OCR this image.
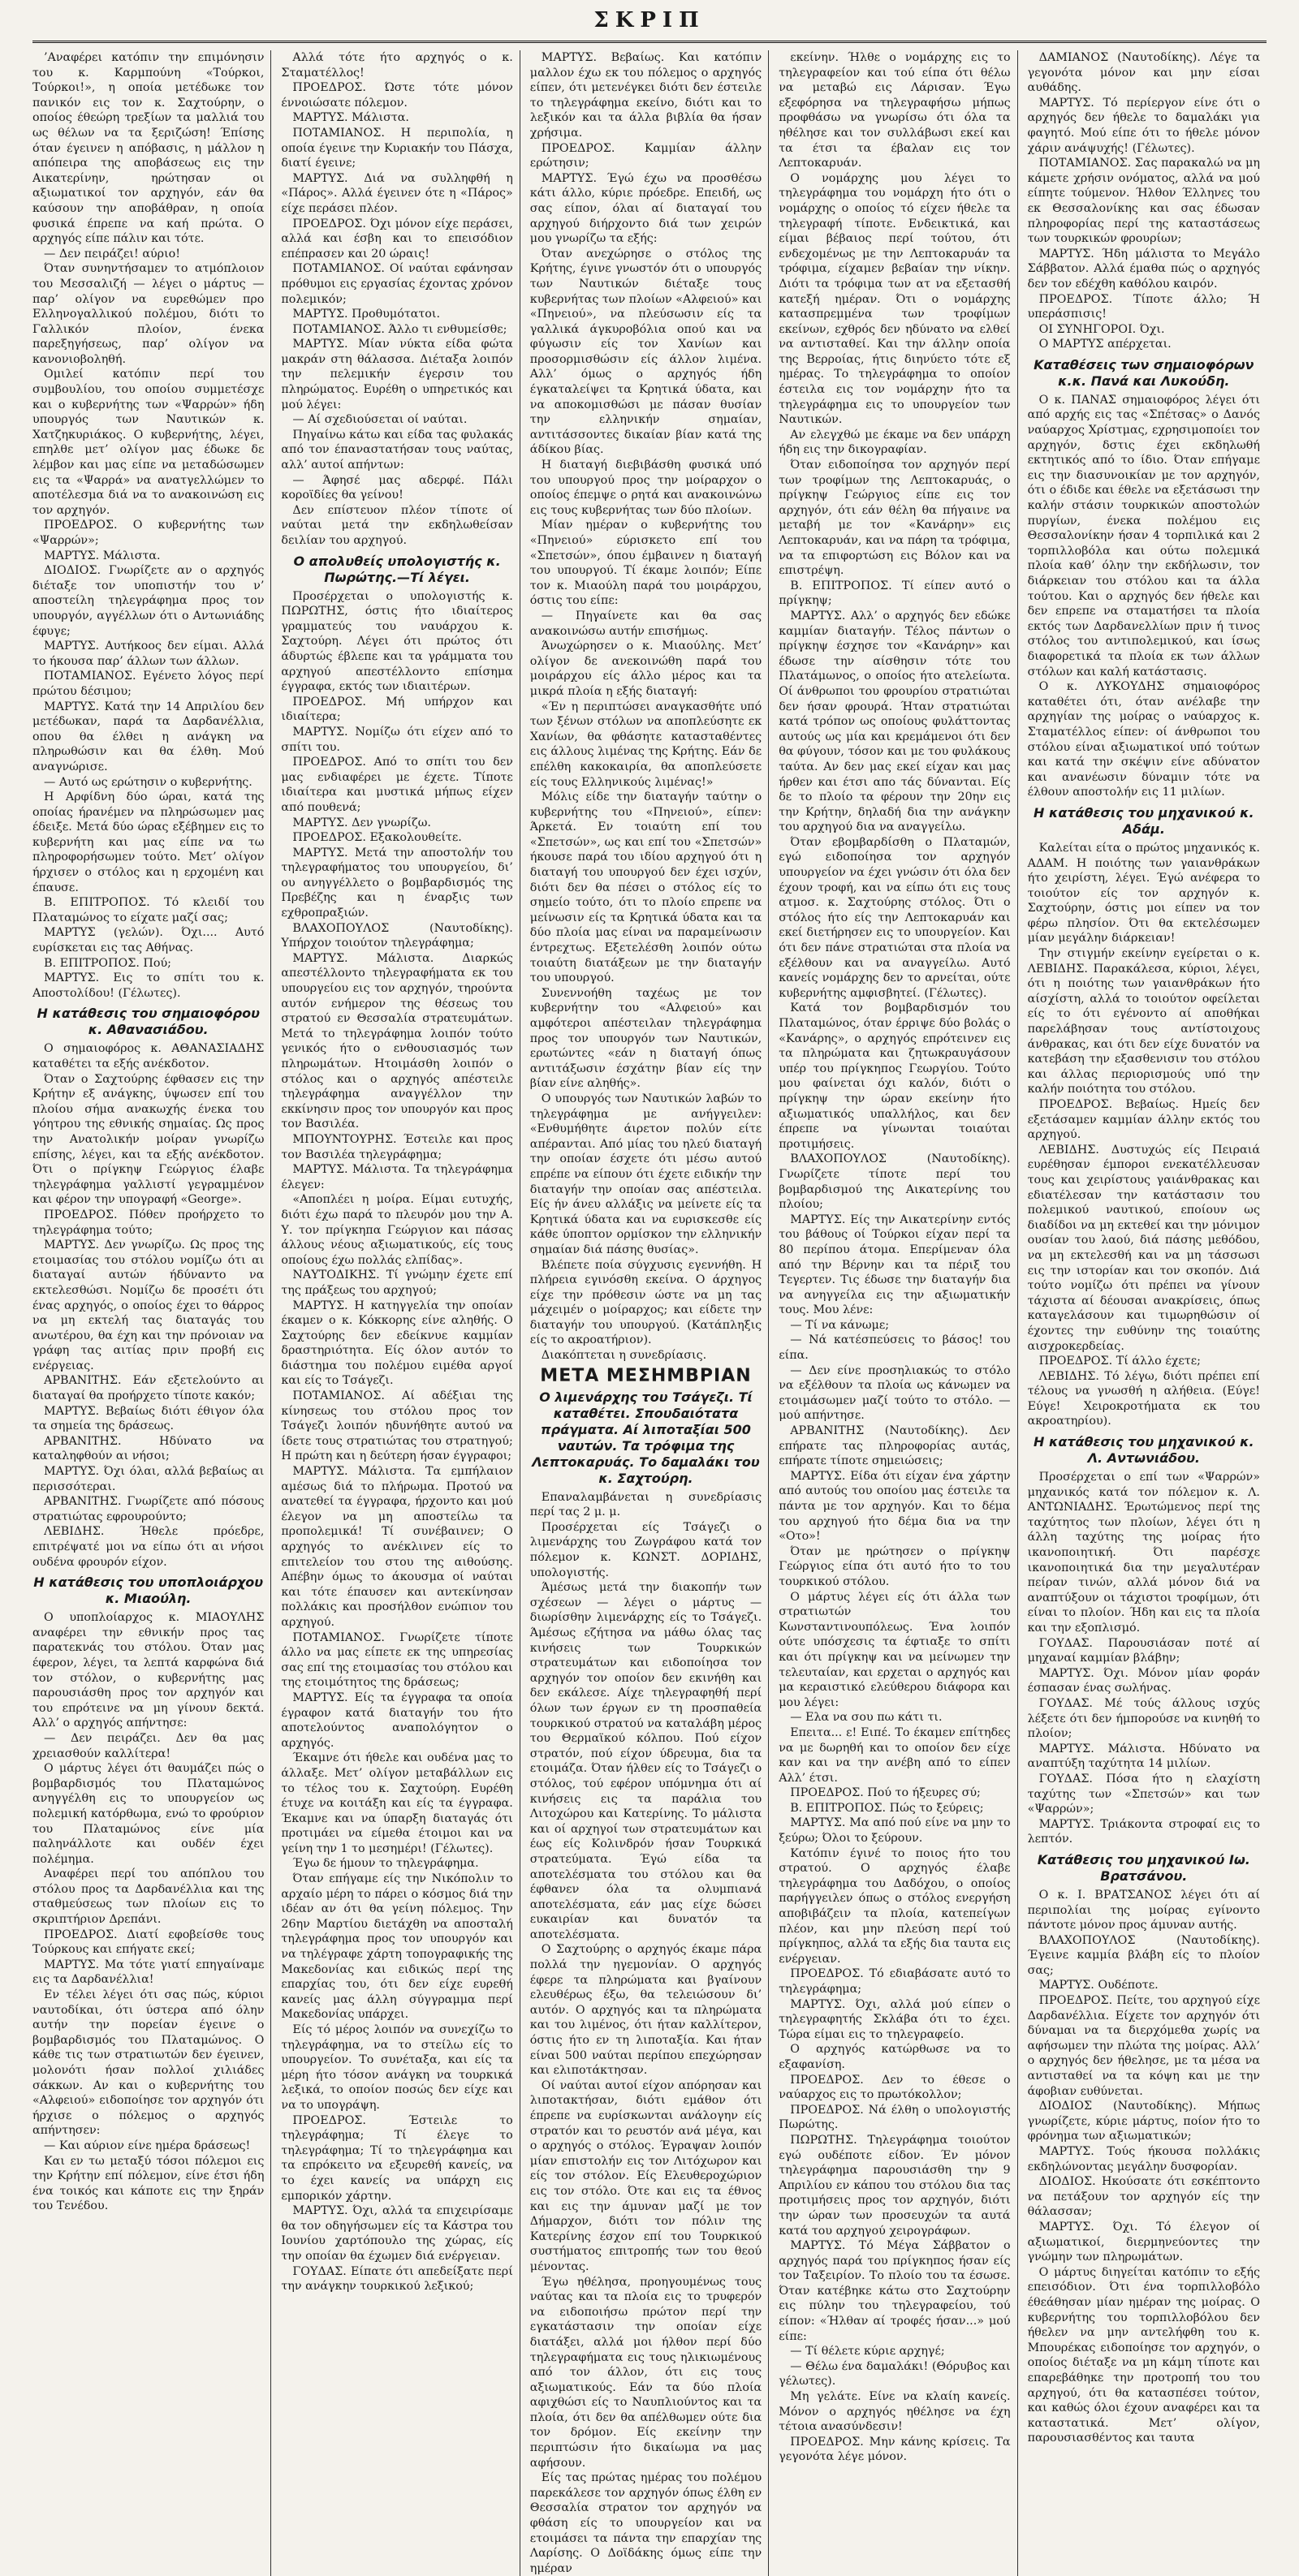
ΣΚΡΙΠ

’Αναφέρει κατόπιν την επιμόνησιν του κ. Καρμπούνη «Τούρκοι, Τούρκοι!», η οποία μετέδωκε τον πανικόν εις τον κ. Σαχτούρην, ο οποίος έθεώρη τρεξίων τα μαλλιά του ως θέλων να τα ξεριζώση! Έπίσης όταν έγεινεν η απόβασις, η μάλλον η απόπειρα της αποβάσεως εις την Αικατερίνην, ηρώτησαν οι αξιωματικοί τον αρχηγόν, εάν θα καύσουν την αποβάθραν, η οποία φυσικά έπρεπε να καή πρώτα. Ο αρχηγός είπε πάλιν και τότε.

— Δεν πειράζει! αύριο!

Όταν συνηντήσαμεν το ατμόπλοιον του Μεσσαλιζή — λέγει ο μάρτυς — παρ’ ολίγον να ευρεθώμεν προ Ελληνογαλλικού πολέμου, διότι το Γαλλικόν πλοίον, ένεκα παρεξηγήσεως, παρ’ ολίγον να κανονιοβοληθή.

Ομιλεί κατόπιν περί του συμβουλίου, του οποίου συμμετέσχε και ο κυβερνήτης των «Ψαρρών» ήδη υπουργός των Ναυτικών κ. Χατζηκυριάκος. Ο κυβερνήτης, λέγει, επηλθε μετ’ ολίγον μας έδωκε δε λέμβον και μας είπε να μεταδώσωμεν εις τα «Ψαρρά» να ανατγελλώμεν το αποτέλεσμα διά να το ανακοινώση εις τον αρχηγόν.

ΠΡΟΕΔΡΟΣ. Ο κυβερνήτης των «Ψαρρών»;

ΜΑΡΤΥΣ. Μάλιστα.

ΔΙΟΔΙΟΣ. Γνωρίζετε αν ο αρχηγός διέταξε τον υποπιστήν του ν’ αποστείλη τηλεγράφημα προς τον υπουργόν, αγγέλλων ότι ο Αντωνιάδης έφυγε;

ΜΑΡΤΥΣ. Αυτήκοος δεν είμαι. Αλλά το ήκουσα παρ’ άλλων των άλλων.

ΠΟΤΑΜΙΑΝΟΣ. Εγένετο λόγος περί πρώτου δέσιμου;

ΜΑΡΤΥΣ. Κατά την 14 Απριλίου δεν μετέδωκαν, παρά τα Δαρδανέλλια, οπου θα έλθει η ανάγκη να πληρωθώσιν και θα έλθη. Μού αναγνώρισε.

— Αυτό ως ερώτησιν ο κυβερνήτης.

Η Αρφίδνη δύο ώραι, κατά της οποίας ήρανέμεν να πληρώσωμεν μας έδειξε. Μετά δύο ώρας εξέβημεν εις το κυβερνήτη και μας είπε να τω πληροφορήσωμεν τούτο. Μετ’ ολίγον ήρχισεν ο στόλος και η ερχομένη και έπαυσε.

Β. ΕΠΙΤΡΟΠΟΣ. Τό κλειδί του Πλαταμώνος το είχατε μαζί σας;

ΜΑΡΤΥΣ (γελών). Όχι.... Αυτό ευρίσκεται εις τας Αθήνας.

Β. ΕΠΙΤΡΟΠΟΣ. Πού;

ΜΑΡΤΥΣ. Εις το σπίτι του κ. Αποστολίδου! (Γέλωτες).

Η κατάθεσις του σημαιοφόρου κ. Αθανασιάδου.

Ο σημαιοφόρος κ. ΑΘΑΝΑΣΙΑΔΗΣ καταθέτει τα εξής ανέκδοτον.

Όταν ο Σαχτούρης έφθασεν εις την Κρήτην εξ ανάγκης, ύψωσεν επί του πλοίου σήμα ανακωχής ένεκα του γόητρου της εθνικής σημαίας. Ως προς την Ανατολικήν μοίραν γνωρίζω επίσης, λέγει, και τα εξής ανέκδοτον. Ότι ο πρίγκηψ Γεώργιος έλαβε τηλεγράφημα γαλλιστί γεγραμμένον και φέρον την υπογραφή «George».

ΠΡΟΕΔΡΟΣ. Πόθεν προήρχετο το τηλεγράφημα τούτο;

ΜΑΡΤΥΣ. Δεν γνωρίζω. Ως προς της ετοιμασίας του στόλου νομίζω ότι αι διαταγαί αυτών ήδύναντο να εκτελεσθώσι. Νομίζω δε προσέτι ότι ένας αρχηγός, ο οποίος έχει το θάρρος να μη εκτελή τας διαταγάς του ανωτέρου, θα έχη και την πρόνοιαν να γράφη τας αιτίας πριν προβή εις ενέργειας.

ΑΡΒΑΝΙΤΗΣ. Εάν εξετελούντο αι διαταγαί θα προήρχετο τίποτε κακόν;

ΜΑΡΤΥΣ. Βεβαίως διότι έθιγον όλα τα σημεία της δράσεως.

ΑΡΒΑΝΙΤΗΣ. Ηδύνατο να καταληφθούν αι νήσοι;

ΜΑΡΤΥΣ. Όχι όλαι, αλλά βεβαίως αι περισσότεραι.

ΑΡΒΑΝΙΤΗΣ. Γνωρίζετε από πόσους στρατιώτας εφρουρούντο;

ΛΕΒΙΔΗΣ. Ήθελε πρόεδρε, επιτρέψατέ μοι να είπω ότι αι νήσοι ουδένα φρουρόν είχον.

Η κατάθεσις του υποπλοιάρχου κ. Μιαούλη.

Ο υποπλοίαρχος κ. ΜΙΑΟΥΛΗΣ αναφέρει την εθνικήν προς τας παρατεκνάς του στόλου. Όταν μας έφερον, λέγει, τα λεπτά καρφώνα διά τον στόλον, ο κυβερνήτης μας παρουσιάσθη προς τον αρχηγόν και του επρότεινε να μη γίνουν δεκτά. Αλλ’ ο αρχηγός απήντησε:

— Δεν πειράζει. Δεν θα μας χρειασθούν καλλίτερα!

Ο μάρτυς λέγει ότι θαυμάζει πώς ο βομβαρδισμός του Πλαταμώνος ανηγγέλθη εις το υπουργείον ως πολεμική κατόρθωμα, ενώ το φρούριον του Πλαταμώνος είνε μία παληνάλλοτε και ουδέν έχει πολέμημα.

Αναφέρει περί του απόπλου του στόλου προς τα Δαρδανέλλια και της σταθμεύσεως των πλοίων εις το σκριπτήριον Δρεπάνι.

ΠΡΟΕΔΡΟΣ. Διατί εφοβείσθε τους Τούρκους και επήγατε εκεί;

ΜΑΡΤΥΣ. Μα τότε γιατί επηγαίναμε εις τα Δαρδανέλλια!

Εν τέλει λέγει ότι σας πώς, κύριοι ναυτοδίκαι, ότι ύστερα από όλην αυτήν την πορείαν έγεινε ο βομβαρδισμός του Πλαταμώνος. Ο κάθε τις των στρατιωτών δεν έγεινεν, μολονότι ήσαν πολλοί χιλιάδες σάκκων. Αν και ο κυβερνήτης του «Αλφειού» ειδοποίησε τον αρχηγόν ότι ήρχισε ο πόλεμος ο αρχηγός απήντησεν:

— Και αύριον είνε ημέρα δράσεως!

Και εν τω μεταξύ τόσοι πόλεμοι εις την Κρήτην επί πόλεμον, είνε έτσι ήδη ένα τοικός και κάποτε εις την ξηράν του Τενέδου.

Αλλά τότε ήτο αρχηγός ο κ. Σταματέλλος!

ΠΡΟΕΔΡΟΣ. Ώστε τότε μόνον έννοιώσατε πόλεμον.

ΜΑΡΤΥΣ. Μάλιστα.

ΠΟΤΑΜΙΑΝΟΣ. Η περιπολία, η οποία έγεινε την Κυριακήν του Πάσχα, διατί έγεινε;

ΜΑΡΤΥΣ. Διά να συλληφθή η «Πάρος». Αλλά έγεινεν ότε η «Πάρος» είχε περάσει πλέον.

ΠΡΟΕΔΡΟΣ. Όχι μόνον είχε περάσει, αλλά και έσβη και το επεισόδιον επέπρασεν και 20 ώραις!

ΠΟΤΑΜΙΑΝΟΣ. Οί ναύται εφάνησαν πρόθυμοι εις εργασίας έχοντας χρόνον πολεμικόν;

ΜΑΡΤΥΣ. Προθυμότατοι.

ΠΟΤΑΜΙΑΝΟΣ. Άλλο τι ενθυμείσθε;

ΜΑΡΤΥΣ. Μίαν νύκτα είδα φώτα μακράν στη θάλασσα. Διέταξα λοιπόν την πελεμικήν έγερσιν του πληρώματος. Ευρέθη ο υπηρετικός και μού λέγει:

— Αί σχεδιούσεται οί ναύται.

Πηγαίνω κάτω και είδα τας φυλακάς από τον έπαναστατήσαν τους ναύτας, αλλ’ αυτοί απήντων:

— Άφησέ μας αδερφέ. Πάλι κοροϊδίες θα γείνου!

Δεν επίστευον πλέον τίποτε οί ναύται μετά την εκδηλωθείσαν δειλίαν του αρχηγού.

Ο απολυθείς υπολογιστής κ. Πωρώτης.—Τί λέγει.

Προσέρχεται ο υπολογιστής κ. ΠΩΡΩΤΗΣ, όστις ήτο ιδιαίτερος γραμματεύς του ναυάρχου κ. Σαχτούρη. Λέγει ότι πρώτος ότι άδυρτώς έβλεπε και τα γράμματα του αρχηγού απεστέλλοντο επίσημα έγγραφα, εκτός των ιδιαιτέρων.

ΠΡΟΕΔΡΟΣ. Μή υπήρχον και ιδιαίτερα;

ΜΑΡΤΥΣ. Νομίζω ότι είχεν από το σπίτι του.

ΠΡΟΕΔΡΟΣ. Από το σπίτι του δεν μας ενδιαφέρει με έχετε. Τίποτε ιδιαίτερα και μυστικά μήπως είχεν από πουθενά;

ΜΑΡΤΥΣ. Δεν γνωρίζω.

ΠΡΟΕΔΡΟΣ. Εξακολουθείτε.

ΜΑΡΤΥΣ. Μετά την αποστολήν του τηλεγραφήματος του υπουργείου, δι’ ου ανηγγέλλετο ο βομβαρδισμός της Πρεβέζης και η έναρξις των εχθροπραξιών.

ΒΛΑΧΟΠΟΥΛΟΣ (Ναυτοδίκης). Υπήρχον τοιούτον τηλεγράφημα;

ΜΑΡΤΥΣ. Μάλιστα. Διαρκώς απεστέλλοντο τηλεγραφήματα εκ του υπουργείου εις τον αρχηγόν, τηρούντα αυτόν ενήμερον της θέσεως του στρατού εν Θεσσαλία στρατευμάτων. Μετά το τηλεγράφημα λοιπόν τούτο γενικός ήτο ο ενθουσιασμός των πληρωμάτων. Ητοιμάσθη λοιπόν ο στόλος και ο αρχηγός απέστειλε τηλεγράφημα αναγγέλλον την εκκίνησιν προς τον υπουργόν και προς τον Βασιλέα.

ΜΠΟΥΝΤΟΥΡΗΣ. Έστειλε και προς τον Βασιλέα τηλεγράφημα;

ΜΑΡΤΥΣ. Μάλιστα. Τα τηλεγράφημα έλεγεν:

«Αποπλέει η μοίρα. Είμαι ευτυχής, διότι έχω παρά το πλευρόν μου την Α. Υ. τον πρίγκηπα Γεώργιον και πάσας άλλους νέους αξιωματικούς, είς τους οποίους έχω πολλάς ελπίδας».

ΝΑΥΤΟΔΙΚΗΣ. Τί γνώμην έχετε επί της πράξεως του αρχηγού;

ΜΑΡΤΥΣ. Η κατηγγελία την οποίαν έκαμεν ο κ. Κόκκορης είνε αληθής. Ο Σαχτούρης δεν εδείκνυε καμμίαν δραστηριότητα. Είς όλον αυτόν το διάστημα του πολέμου ειμέθα αργοί και είς το Τσάγεζι.

ΠΟΤΑΜΙΑΝΟΣ. Αί αδέξιαι της κίνησεως του στόλου προς τον Τσάγεζι λοιπόν ηδυνήθητε αυτού να ίδετε τους στρατιώτας του στρατηγού; Η πρώτη και η δεύτερη ήσαν έγγραφοι;

ΜΑΡΤΥΣ. Μάλιστα. Τα εμπήλαιον αμέσως διά το πλήρωμα. Προτού να ανατεθεί τα έγγραφα, ήρχοντο και μού έλεγον να μη αποστείλω τα προπολεμικά! Τί συνέβαινεν; Ο αρχηγός το ανέκλινεν είς το επιτελείον του στου της αιθούσης. Απέβην όμως το άκουσμα οί ναύται και τότε έπαυσεν και αντεκίνησαν πολλάκις και προσήλθον ενώπιον του αρχηγού.

ΠΟΤΑΜΙΑΝΟΣ. Γνωρίζετε τίποτε άλλο να μας είπετε εκ της υπηρεσίας σας επί της ετοιμασίας του στόλου και της ετοιμότητος της δράσεως;

ΜΑΡΤΥΣ. Είς τα έγγραφα τα οποία έγραφον κατά διαταγήν του ήτο αποτελούντος αναπολόγητον ο αρχηγός.

Έκαμνε ότι ήθελε και ουδένα μας το άλλαξε. Μετ’ ολίγον μεταβάλλων εις το τέλος του κ. Σαχτούρη. Ευρέθη έτυχε να κοιτάξη και είς τα έγγραφα. Έκαμνε και να ύπαρξη διαταγάς ότι προτιμάει να είμεθα έτοιμοι και να γείνη την 1 το μεσημέρι! (Γέλωτες).

Έγω δε ήμουν το τηλεγράφημα.

Όταν επήγαμε είς την Νικόπολιν το αρχαίο μέρη το πάρει ο κόσμος διά την ιδέαν αν ότι θα γείνη πόλεμος. Την 26ην Μαρτίου διετάχθη να αποσταλή τηλεγράφημα προς τον υπουργόν και να τηλέγραφε χάρτη τοπογραφικής της Μακεδονίας και ειδικώς περί της επαρχίας του, ότι δεν είχε ευρεθή κανείς μας άλλη σύγγραμμα περί Μακεδονίας υπάρχει.

Είς τό μέρος λοιπόν να συνεχίζω το τηλεγράφημα, να το στείλω είς το υπουργείον. Το συνέταξα, και είς τα μέρη ήτο τόσον ανάγκη να τουρκικά λεξικά, το οποίον ποσώς δεν είχε και να το υπογράψη.

ΠΡΟΕΔΡΟΣ. Έστειλε το τηλεγράφημα; Τί έλεγε το τηλεγράφημα; Τί το τηλεγράφημα και τα επρόκειτο να εξευρεθή κανείς, να το έχει κανείς να υπάρχη εις εμπορικόν χάρτην.

ΜΑΡΤΥΣ. Όχι, αλλά τα επιχειρίσαμε θα τον οδηγήσωμεν είς τα Κάστρα του Ιουνίου χαρτόπουλο της χώρας, είς την οποίαν θα έχωμεν διά ενέργειαν.

ΓΟΥΔΑΣ. Είπατε ότι απεδείξατε περί την ανάγκην τουρκικού λεξικού;

ΜΑΡΤΥΣ. Βεβαίως. Και κατόπιν μαλλον έχω εκ του πόλεμος ο αρχηγός είπεν, ότι μετενέγκει διότι δεν έστειλε το τηλεγράφημα εκείνο, διότι και το λεξικόν και τα άλλα βιβλία θα ήσαν χρήσιμα.

ΠΡΟΕΔΡΟΣ. Καμμίαν άλλην ερώτησιν;

ΜΑΡΤΥΣ. Έγώ έχω να προσθέσω κάτι άλλο, κύριε πρόεδρε. Επειδή, ως σας είπον, όλαι αί διαταγαί του αρχηγού διήρχοντο διά των χειρών μου γνωρίζω τα εξής:

Όταν ανεχώρησε ο στόλος της Κρήτης, έγινε γνωστόν ότι ο υπουργός των Ναυτικών διέταξε τους κυβερνήτας των πλοίων «Αλφειού» και «Πηνειού», να πλεύσωσιν είς τα γαλλικά άγκυροβόλια οπού και να φύγωσιν είς τον Χανίων και προσορμισθώσιν είς άλλον λιμένα. Αλλ’ όμως ο αρχηγός ήδη έγκαταλείψει τα Κρητικά ύδατα, και να αποκομισθώσι με πάσαν θυσίαν την ελληνικήν σημαίαν, αντιτάσσοντες δικαίαν βίαν κατά της άδίκου βίας.

Η διαταγή διεβιβάσθη φυσικά υπό του υπουργού προς την μοίραρχον ο οποίος έπεμψε ο ρητά και ανακοινώνω εις τους κυβερνήτας των δύο πλοίων.

Μίαν ημέραν ο κυβερνήτης του «Πηνειού» εύρισκετο επί του «Σπετσών», όπου έμβαινεν η διαταγή του υπουργού. Τί έκαμε λοιπόν; Είπε τον κ. Μιαούλη παρά του μοιράρχου, όστις του είπε:

— Πηγαίνετε και θα σας ανακοινώσω αυτήν επισήμως.

Άνωχώρησεν ο κ. Μιαούλης. Μετ’ ολίγον δε ανεκοινώθη παρά του μοιράρχου είς άλλο μέρος και τα μικρά πλοία η εξής διαταγή:

«Έν η περιπτώσει αναγκασθήτε υπό των ξένων στόλων να αποπλεύσητε εκ Χανίων, θα φθάσητε κατασταθέντες εις άλλους λιμένας της Κρήτης. Εάν δε επέλθη κακοκαιρία, θα αποπλεύσετε είς τους Ελληνικούς λιμένας!»

Μόλις είδε την διαταγήν ταύτην ο κυβερνήτης του «Πηνειού», είπεν: Άρκετά. Εν τοιαύτη επί του «Σπετσών», ως και επί του «Σπετσών» ήκουσε παρά του ιδίου αρχηγού ότι η διαταγή του υπουργού δεν έχει ισχύν, διότι δεν θα πέσει ο στόλος είς το σημείο τούτο, ότι το πλοίο επρεπε να μείνωσιν είς τα Κρητικά ύδατα και τα δύο πλοία μας είναι να παραμείνωσιν έντρεχτως. Εξετελέσθη λοιπόν ούτω τοιαύτη διατάξεων με την διαταγήν του υπουργού.

Συνεννοήθη ταχέως με τον κυβερνήτην του «Αλφειού» και αμφότεροι απέστειλαν τηλεγράφημα προς τον υπουργόν των Ναυτικών, ερωτώντες «εάν η διαταγή όπως αντιτάξωσιν έσχάτην βίαν είς την βίαν είνε αληθής».

Ο υπουργός των Ναυτικών λαβών το τηλεγράφημα με ανήγγειλεν: «Ενθυμήθητε άιρετον πολύν είτε απέρανται. Από μίας του ηλεύ διαταγή την οποίαν έσχετε ότι μέσω αυτού επρέπε να είπουν ότι έχετε ειδικήν την διαταγήν την οποίαν σας απέστειλα. Είς ήν άνευ αλλάξις να μείνετε είς τα Κρητικά ύδατα και να ευρισκεσθε είς κάθε ύποπτον ορμίσκον την ελληνικήν σημαίαν διά πάσης θυσίας».

Βλέπετε ποία σύγχυσις εγεννήθη. Η πλήρεια εγινόσθη εκείνα. Ο άρχηγος είχε την πρόθεσιν ώστε να μη τας μάχειμέν ο μοίραρχος; και είδετε την διαταγήν του υπουργού. (Κατάπληξις είς το ακροατήριον).

Διακόπτεται η συνεδρίασις.

ΜΕΤΑ ΜΕΣΗΜΒΡΙΑΝ
Ο λιμενάρχης του Τσάγεζι. Τί καταθέτει. Σπουδαιότατα πράγματα. Αί λιποταξίαι 500 ναυτών. Τα τρόφιμα της Λεπτοκαρυάς. Το δαμαλάκι του κ. Σαχτούρη.

Επαναλαμβάνεται η συνεδρίασις περί τας 2 μ. μ.

Προσέρχεται είς Τσάγεζι ο λιμενάρχης του Ζωγράφου κατά τον πόλεμον κ. ΚΩΝΣΤ. ΔΟΡΙΔΗΣ, υπολογιστής.

Άμέσως μετά την διακοπήν των σχέσεων — λέγει ο μάρτυς — διωρίσθην λιμενάρχης είς το Τσάγεζι. Άμέσως εζήτησα να μάθω όλας τας κινήσεις των Τουρκικών στρατευμάτων και ειδοποίησα τον αρχηγόν τον οποίον δεν εκινήθη και δεν εκάλεσε. Αίχε τηλεγραφηθή περί όλων των έργων εν τη προσπαθεία τουρκικού στρατού να καταλάβη μέρος του Θερμαϊκού κόλπου. Πού είχον στρατόν, πού είχον ύδρευμα, δια τα ετοιμάζα. Όταν ήλθεν είς το Τσάγεζι ο στόλος, τού εφέρον υπόμνημα ότι αί κινήσεις εις τα παράλια του Λιτοχώρου και Κατερίνης. Το μάλιστα και οί αρχηγοί των στρατευμάτων και έως είς Κολινδρόν ήσαν Τουρκικά στρατεύματα. Έγώ είδα τα αποτελέσματα του στόλου και θα έφθανεν όλα τα ολυμπιανά αποτελέσματα, εάν μας είχε δώσει ευκαιρίαν και δυνατόν τα αποτελέσματα.

Ο Σαχτούρης ο αρχηγός έκαμε πάρα πολλά την ηγεμονίαν. Ο αρχηγός έφερε τα πληρώματα και βγαίνουν ελευθέρως έξω, θα τελειώσουν δι’ αυτόν. Ο αρχηγός και τα πληρώματα και του λιμένος, ότι ήταν καλλίτερον, όστις ήτο εν τη λιποταξία. Και ήταν είναι 500 ναύται περίπου επεχώρησαν και ελιποτάκτησαν.

Οί ναύται αυτοί είχον απόρησαν και λιποτακτήσαν, διότι εμάθον ότι έπρεπε να ευρίσκωνται ανάλογην είς στρατόν και το ρευστόν ανά μέγα, και ο αρχηγός ο στόλος. Έγραψαν λοιπόν μίαν επιστολήν εις τον Λιτόχωρον και είς τον στόλον. Είς Ελευθεροχώριον εις τον στόλο. Ότε και εις τα έθνος και εις την άμυναν μαζί με τον Δήμαρχον, διότι τον πόλιν της Κατερίνης έσχον επί του Τουρκικού συστήματος επιτροπής των του θεού μένοντας.

Έγω ηθέλησα, προηγουμένως τους ναύτας και τα πλοία εις το τρυφερόν να ειδοποιήσω πρώτον περί την εγκατάστασιν την οποίαν είχε διατάξει, αλλά μοι ήλθον περί δύο τηλεγραφήματα εις τους ηλικιωμένους από τον άλλον, ότι εις τους αξιωματικούς. Εάν τα δύο πλοία αφιχθώσι είς το Ναυπλιούντος και τα πλοία, ότι δεν θα απέλθωμεν ούτε δια τον δρόμον. Είς εκείνην την περιπτώσιν ήτο δικαίωμα να μας αφήσουν.

Είς τας πρώτας ημέρας του πολέμου παρεκάλεσε τον αρχηγόν όπως έλθη εν Θεσσαλία στρατον τον αρχηγόν να φθάση είς το υπουργείον και να ετοιμάσει τα πάντα την επαρχίαν της Λαρίσης. Ο Δοϊδάκης όμως είπε την ημέραν

εκείνην. Ήλθε ο νομάρχης εις το τηλεγραφείον και τού είπα ότι θέλω να μεταβώ εις Λάρισαν. Έγω εξεφόρησα να τηλεγραφήσω μήπως προφθάσω να γνωρίσω ότι όλα τα ηθέλησε και τον συλλάβωσι εκεί και τα έτσι τα έβαλαν εις τον Λεπτοκαρυάν.

Ο νομάρχης μου λέγει το τηλεγράφημα του νομάρχη ήτο ότι ο νομάρχης ο οποίος τό είχεν ήθελε τα τηλεγραφή τίποτε. Ενδεικτικά, και είμαι βέβαιος περί τούτου, ότι ενδεχομένως με την Λεπτοκαρυάν τα τρόφιμα, είχαμεν βεβαίαν την νίκην. Διότι τα τρόφιμα των ατ να εξετασθή κατεξή ημέραν. Ότι ο νομάρχης κατασπρεμμένα των τροφίμων εκείνων, εχθρός δεν ηδύνατο να ελθεί να αντισταθεί. Και την άλλην οποία της Βερροίας, ήτις διηνύετο τότε εξ ημέρας. Το τηλεγράφημα το οποίον έστειλα εις τον νομάρχην ήτο τα τηλεγράφημα εις το υπουργείον των Ναυτικών.

Αν ελεγχθώ με έκαμε να δεν υπάρχη ήδη εις την δικογραφίαν.

Όταν ειδοποίησα τον αρχηγόν περί των τροφίμων της Λεπτοκαρυάς, ο πρίγκηψ Γεώργιος είπε εις τον αρχηγόν, ότι εάν θέλη θα πήγαινε να μεταβή με τον «Κανάρην» εις Λεπτοκαρυάν, και να πάρη τα τρόφιμα, να τα επιφορτώση εις Βόλον και να επιστρέψη.

Β. ΕΠΙΤΡΟΠΟΣ. Τί είπεν αυτό ο πρίγκηψ;

ΜΑΡΤΥΣ. Αλλ’ ο αρχηγός δεν εδώκε καμμίαν διαταγήν. Τέλος πάντων ο πρίγκηψ έσχησε τον «Κανάρην» και έδωσε την αίσθησιν τότε του Πλατάμωνος, ο οποίος ήτο ατελείωτα. Οί άνθρωποι του φρουρίου στρατιώται δεν ήσαν φρουρά. Ήταν στρατιώται κατά τρόπον ως οποίους φυλάττοντας αυτούς ως μία και κρεμάμενοι ότι δεν θα φύγουν, τόσον και με του φυλάκους ταύτα. Αν δεν μας εκεί είχαν και μας ήρθεν και έτσι απο τάς δύνανται. Είς δε το πλοίο τα φέρουν την 20ην εις την Κρήτην, δηλαδή δια την ανάγκην του αρχηγού δια να αναγγείλω.

Όταν εβομβαρδίσθη ο Πλαταμών, εγώ ειδοποίησα τον αρχηγόν υπουργείον να έχει γνώσιν ότι όλα δεν έχουν τροφή, και να είπω ότι εις τους ατμοσ. κ. Σαχτούρης στόλος. Ότι ο στόλος ήτο είς την Λεπτοκαρυάν και εκεί διετήρησεν εις το υπουργείον. Και ότι δεν πάνε στρατιώται στα πλοία να εξέλθουν και να αναγγείλω. Αυτό κανείς νομάρχης δεν το αρνείται, ούτε κυβερνήτης αμφισβητεί. (Γέλωτες).

Κατά τον βομβαρδισμόν του Πλαταμώνος, όταν έρριψε δύο βολάς ο «Κανάρης», ο αρχηγός επρότεινεν εις τα πληρώματα και ζητωκραυγάσουν υπέρ του πρίγκηπος Γεωργίου. Τούτο μου φαίνεται όχι καλόν, διότι ο πρίγκηψ την ώραν εκείνην ήτο αξιωματικός υπαλλήλος, και δεν έπρεπε να γίνωνται τοιαύται προτιμήσεις.

ΒΛΑΧΟΠΟΥΛΟΣ (Ναυτοδίκης). Γνωρίζετε τίποτε περί του βομβαρδισμού της Αικατερίνης του πλοίου;

ΜΑΡΤΥΣ. Είς την Αικατερίνην εντός του βάθους οί Τούρκοι είχαν περί τα 80 περίπου άτομα. Επερίμεναν όλα από την Βέρνην και τα πέριξ του Τεγερτεν. Τις έδωσε την διαταγήν δια να ανηγγείλα εις την αξιωματικήν τους. Μου λένε:

— Τί να κάνωμε;

— Νά κατέσπεύσεις το βάσος! του είπα.

— Δεν είνε προσηλιακώς το στόλο να εξέλθουν τα πλοία ως κάνωμεν να ετοιμάσωμεν μαζί τούτο το στόλο. — μού απήντησε.

ΑΡΒΑΝΙΤΗΣ (Ναυτοδίκης). Δεν επήρατε τας πληροφορίας αυτάς, επήρατε τίποτε σημειώσεις;

ΜΑΡΤΥΣ. Είδα ότι είχαν ένα χάρτην από αυτούς του οποίου μας έστειλε τα πάντα με τον αρχηγόν. Και το δέμα του αρχηγού ήτο δέμα δια να την «Οτο»!

Όταν με ηρώτησεν ο πρίγκηψ Γεώργιος είπα ότι αυτό ήτο το του τουρκικού στόλου.

Ο μάρτυς λέγει είς ότι άλλα των στρατιωτών του Κωνσταντινουπόλεως. Ένα λοιπόν ούτε υπόσχεσις τα έφτιαξε το σπίτι και ότι πρίγκηψ και να μείνωμεν την τελευταίαν, και ερχεται ο αρχηγός και μα κεραιστικό ελεύθερου διάφορα και μου λέγει:

— Ελα να σου πω κάτι τι.

Επειτα... ε! Ειπέ. Το έκαμεν επίτηδες να με δωρηθή και το οποίον δεν είχε καν και να την ανέβη από το είπεν Αλλ’ έτσι.

ΠΡΟΕΔΡΟΣ. Πού το ήξευρες σύ;

Β. ΕΠΙΤΡΟΠΟΣ. Πώς το ξεύρεις;

ΜΑΡΤΥΣ. Μα από πού είνε να μην το ξεύρω; Όλοι το ξεύρουν.

Κατόπιν έγινέ το ποιος ήτο του στρατού. Ο αρχηγός έλαβε τηλεγράφημα του Δαδόχου, ο οποίος παρήγγειλεν όπως ο στόλος ενεργήση αποβιβάζειν τα πλοία, κατεπείγων πλέον, και μην πλεύση περί τού πρίγκηπος, αλλά τα εξής δια ταυτα εις ενέργειαν.

ΠΡΟΕΔΡΟΣ. Τό εδιαβάσατε αυτό το τηλεγράφημα;

ΜΑΡΤΥΣ. Όχι, αλλά μού είπεν ο τηλεγραφητής Σκλάβα ότι το έχει. Τώρα είμαι εις το τηλεγραφείο.

Ο αρχηγός κατώρθωσε να το εξαφανίση.

ΠΡΟΕΔΡΟΣ. Δεν το έθεσε ο ναύαρχος εις το πρωτόκολλον;

ΠΡΟΕΔΡΟΣ. Νά έλθη ο υπολογιστής Πωρώτης.

ΠΩΡΩΤΗΣ. Τηλεγράφημα τοιούτον εγώ ουδέποτε είδον. Έν μόνον τηλεγράφημα παρουσιάσθη την 9 Απριλίου εν κάπου του στόλου δια τας προτιμήσεις προς τον αρχηγόν, διότι την ώραν των προσευχών τα αυτά κατά του αρχηγού χειρογράφων.

ΜΑΡΤΥΣ. Τό Μέγα Σάββατον ο αρχηγός παρά του πρίγκηπος ήσαν είς τον Ταξειρίον. Το πλοίο του τα έσωσε. Όταν κατέβηκε κάτω στο Σαχτούρην εις πύλην του τηλεγραφείου, τού είπον: «Ήλθαν αί τροφές ήσαν...» μού είπε:

— Τί θέλετε κύριε αρχηγέ;

— Θέλω ένα δαμαλάκι! (Θόρυβος και γέλωτες).

Μη γελάτε. Είνε να κλαίη κανείς. Μόνον ο αρχηγός ηθέλησε να έχη τέτοια ανασύνδεσιν!

ΠΡΟΕΔΡΟΣ. Μην κάνης κρίσεις. Τα γεγονότα λέγε μόνον.

ΔΑΜΙΑΝΟΣ (Ναυτοδίκης). Λέγε τα γεγονότα μόνον και μην είσαι αυθάδης.

ΜΑΡΤΥΣ. Τό περίεργον είνε ότι ο αρχηγός δεν ήθελε το δαμαλάκι για φαγητό. Μού είπε ότι το ήθελε μόνον χάριν ανάψυχής! (Γέλωτες).

ΠΟΤΑΜΙΑΝΟΣ. Σας παρακαλώ να μη κάμετε χρήσιν ονόματος, αλλά να μού είπητε τούμενον. Ήλθον Έλληνες του εκ Θεσσαλονίκης και σας έδωσαν πληροφορίας περί της καταστάσεως των τουρκικών φρουρίων;

ΜΑΡΤΥΣ. Ήδη μάλιστα το Μεγάλο Σάββατον. Αλλά έμαθα πώς ο αρχηγός δεν τον εδέχθη καθόλου καιρόν.

ΠΡΟΕΔΡΟΣ. Τίποτε άλλο; Ή υπεράσπισις!

ΟΙ ΣΥΝΗΓΟΡΟΙ. Όχι.

Ο ΜΑΡΤΥΣ απέρχεται.

Καταθέσεις των σημαιοφόρων κ.κ. Πανά και Λυκούδη.

Ο κ. ΠΑΝΑΣ σημαιοφόρος λέγει ότι από αρχής εις τας «Σπέτσας» ο Δανός ναύαρχος Χρίστμας, εχρησιμοποίει τον αρχηγόν, δστις έχει εκδηλωθή εκτητικός από το ίδιο. Όταν επήγαμε εις την διασυνοικίαν με τον αρχηγόν, ότι ο έδιδε και έθελε να εξετάσωσι την καλήν στάσιν τουρκικών αποστολών πυργίων, ένεκα πολέμου εις Θεσσαλονίκην ήσαν 4 τορπιλικά και 2 τορπιλλοβόλα και ούτω πολεμικά πλοία καθ’ όλην την εκδήλωσιν, τον διάρκειαν του στόλου και τα άλλα τούτου. Και ο αρχηγός δεν ήθελε και δεν επρεπε να σταματήσει τα πλοία εκτός των Δαρδανελλίων πριν ή τινος στόλος του αντιπολεμικού, και ίσως διαφορετικά τα πλοία εκ των άλλων στόλων και καλή κατάστασις.

Ο κ. ΛΥΚΟΥΔΗΣ σημαιοφόρος καταθέτει ότι, όταν ανέλαβε την αρχηγίαν της μοίρας ο ναύαρχος κ. Σταματέλλος είπεν: οί άνθρωποι του στόλου είναι αξιωματικοί υπό τούτων και κατά την σκέψιν είνε αδύνατον και ανανέωσιν δύναμιν τότε να έλθουν αποστολήν εις 11 μιλίων.

Η κατάθεσις του μηχανικού κ. Αδάμ.

Καλείται είτα ο πρώτος μηχανικός κ. ΑΔΑΜ. Η ποιότης των γαιανθράκων ήτο χειρίστη, λέγει. Έγώ ανέφερα το τοιούτον είς τον αρχηγόν κ. Σαχτούρην, όστις μοι είπεν να τον φέρω πλησίον. Ότι θα εκτελέσωμεν μίαν μεγάλην διάρκειαν!

Την στιγμήν εκείνην εγείρεται ο κ. ΛΕΒΙΔΗΣ. Παρακάλεσα, κύριοι, λέγει, ότι η ποιότης των γαιανθράκων ήτο αίσχίστη, αλλά το τοιούτον οφείλεται είς το ότι εγένοντο αί αποθήκαι παρελάβησαν τους αντίστοιχους άνθρακας, και ότι δεν είχε δυνατόν να κατεβάση την εξασθενισιν του στόλου και άλλας περιορισμούς υπό την καλήν ποιότητα του στόλου.

ΠΡΟΕΔΡΟΣ. Βεβαίως. Ημείς δεν εξετάσαμεν καμμίαν άλλην εκτός του αρχηγού.

ΛΕΒΙΔΗΣ. Δυστυχώς είς Πειραιά ευρέθησαν έμποροι ενεκατέλλευσαν τους και χειρίστους γαιάνθρακας και εδιατέλεσαν την κατάστασιν του πολεμικού ναυτικού, εποίουν ως διαδίδοι να μη εκτεθεί και την μόνιμον ουσίαν του λαού, διά πάσης μεθόδου, να μη εκτελεσθή και να μη τάσσωσι εις την ιστορίαν και τον σκοπόν. Διά τούτο νομίζω ότι πρέπει να γίνουν τάχιστα αί δέουσαι ανακρίσεις, όπως καταγελάσουν και τιμωρηθώσιν οί έχοντες την ευθύνην της τοιαύτης αισχροκερδείας.

ΠΡΟΕΔΡΟΣ. Τί άλλο έχετε;

ΛΕΒΙΔΗΣ. Τό λέγω, διότι πρέπει επί τέλους να γνωσθή η αλήθεια. (Εύγε! Εύγε! Χειροκροτήματα εκ του ακροατηρίου).

Η κατάθεσις του μηχανικού κ. Λ. Αντωνιάδου.

Προσέρχεται ο επί των «Ψαρρών» μηχανικός κατά τον πόλεμον κ. Λ. ΑΝΤΩΝΙΑΔΗΣ. Έρωτώμενος περί της ταχύτητος των πλοίων, λέγει ότι η άλλη ταχύτης της μοίρας ήτο ικανοποιητική. Ότι παρέσχε ικανοποιητικά δια την μεγαλυτέραν πείραν τινών, αλλά μόνον διά να αναπτύξουν οι τάχιστοι τροφίμων, ότι είναι το πλοίον. Ήδη και εις τα πλοία και την εξοπλισμό.

ΓΟΥΔΑΣ. Παρουσιάσαν ποτέ αί μηχαναί καμμίαν βλάβην;

ΜΑΡΤΥΣ. Όχι. Μόνον μίαν φοράν έσπασαν ένας σωλήνας.

ΓΟΥΔΑΣ. Μέ τούς άλλους ισχύς λέξετε ότι δεν ήμπορούσε να κινηθή το πλοίον;

ΜΑΡΤΥΣ. Μάλιστα. Ηδύνατο να αναπτύξη ταχύτητα 14 μιλίων.

ΓΟΥΔΑΣ. Πόσα ήτο η ελαχίστη ταχύτης των «Σπετσών» και των «Ψαρρών»;

ΜΑΡΤΥΣ. Τριάκοντα στροφαί εις το λεπτόν.

Κατάθεσις του μηχανικού Ιω. Βρατσάνου.

Ο κ. Ι. ΒΡΑΤΣΑΝΟΣ λέγει ότι αί περιπολίαι της μοίρας εγίνοντο πάντοτε μόνον προς άμυναν αυτής.

ΒΛΑΧΟΠΟΥΛΟΣ (Ναυτοδίκης). Έγεινε καμμία βλάβη είς το πλοίον σας;

ΜΑΡΤΥΣ. Ουδέποτε.

ΠΡΟΕΔΡΟΣ. Πείτε, του αρχηγού είχε Δαρδανέλλια. Είχετε τον αρχηγόν ότι δύναμαι να τα διερχόμεθα χωρίς να αφήσωμεν την πλώτα της μοίρας. Αλλ’ ο αρχηγός δεν ήθελησε, με τα μέσα να αντισταθεί να τα κόψη και με την άφοβιαν ευθύνεται.

ΔΙΟΔΙΟΣ (Ναυτοδίκης). Μήπως γνωρίζετε, κύριε μάρτυς, ποίον ήτο το φρόνημα των αξιωματικών;

ΜΑΡΤΥΣ. Τούς ήκουσα πολλάκις εκδηλώνοντας μεγάλην δυσφορίαν.

ΔΙΟΔΙΟΣ. Ηκούσατε ότι εσκέπτοντο να πετάξουν τον αρχηγόν είς την θάλασσαν;

ΜΑΡΤΥΣ. Όχι. Τό έλεγον οί αξιωματικοί, διερμηνεύοντες την γνώμην των πληρωμάτων.

Ο μάρτυς διηγείται κατόπιν το εξής επεισόδιον. Ότι ένα τορπιλλοβόλο έθεάθησαν μίαν ημέραν της μοίρας. Ο κυβερνήτης του τορπιλλοβόλου δεν ήθελεν να μην αντελήφθη του κ. Μπουρέκας ειδοποίησε τον αρχηγόν, ο οποίος διέταξε να μη κάμη τίποτε και επαρεβάθηκε την προτροπή του του αρχηγού, ότι θα κατασπέσει τούτον, και καθώς όλοι έχουν αναφέρει και τα καταστατικά. Μετ’ ολίγον, παρουσιασθέντος και ταυτα
